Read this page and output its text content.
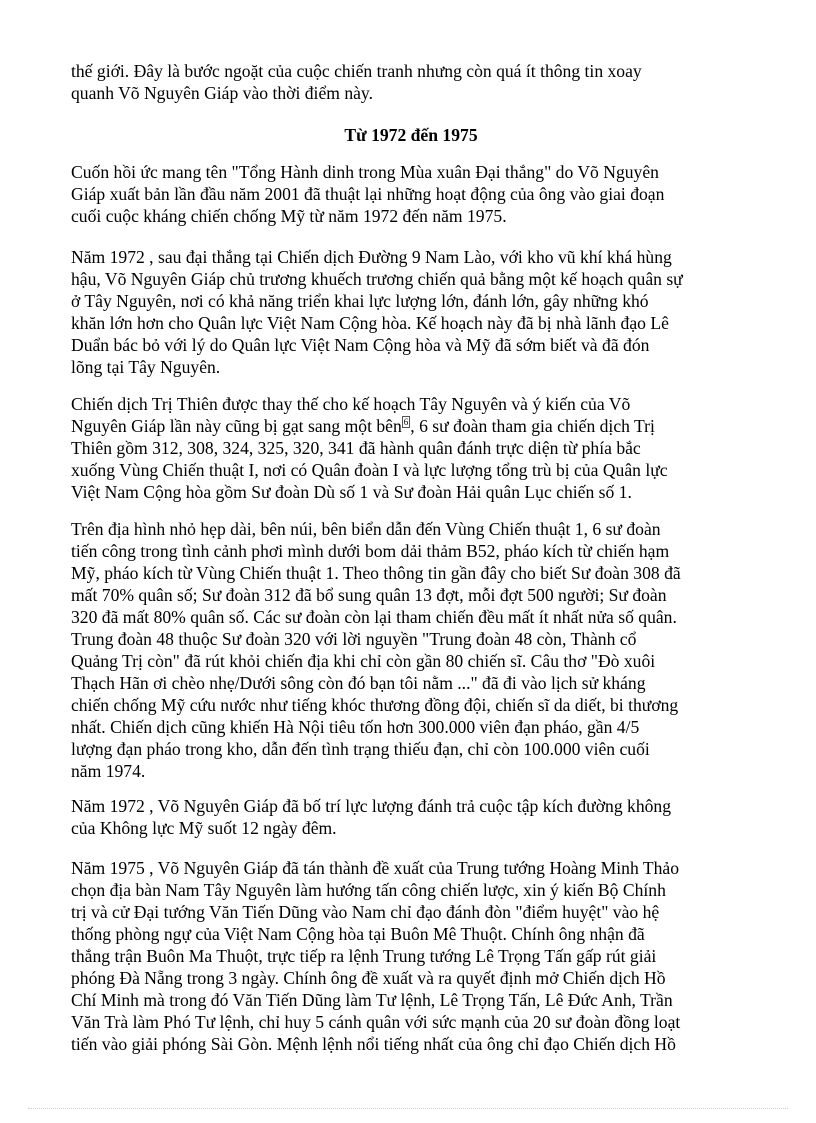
thế giới. Đây là bước ngoặt của cuộc chiến tranh nhưng còn quá ít thông tin xoay
quanh Võ Nguyên Giáp vào thời điểm này.

Từ 1972 đến 1975

Cuốn hồi ức mang tên "Tổng Hành dinh trong Mùa xuân Đại thắng" do Võ Nguyên
Giáp xuất bản lần đầu năm 2001 đã thuật lại những hoạt động của ông vào giai đoạn
cuối cuộc kháng chiến chống Mỹ từ năm 1972 đến năm 1975.

Năm 1972 , sau đại thắng tại Chiến dịch Đường 9 Nam Lào, với kho vũ khí khá hùng
hậu, Võ Nguyên Giáp chủ trương khuếch trương chiến quả bằng một kế hoạch quân sự
ở Tây Nguyên, nơi có khả năng triển khai lực lượng lớn, đánh lớn, gây những khó
khăn lớn hơn cho Quân lực Việt Nam Cộng hòa. Kế hoạch này đã bị nhà lãnh đạo Lê
Duẩn bác bỏ với lý do Quân lực Việt Nam Cộng hòa và Mỹ đã sớm biết và đã đón
lõng tại Tây Nguyên.

Chiến dịch Trị Thiên được thay thế cho kế hoạch Tây Nguyên và ý kiến của Võ
Nguyên Giáp lần này cũng bị gạt sang một bên $^6$ , 6 sư đoàn tham gia chiến dịch Trị
Thiên gồm 312, 308, 324, 325, 320, 341 đã hành quân đánh trực diện từ phía bắc
xuống Vùng Chiến thuật I, nơi có Quân đoàn I và lực lượng tổng trù bị của Quân lực
Việt Nam Cộng hòa gồm Sư đoàn Dù số 1 và Sư đoàn Hải quân Lục chiến số 1.

Trên địa hình nhỏ hẹp dài, bên núi, bên biển dẫn đến Vùng Chiến thuật 1, 6 sư đoàn
tiến công trong tình cảnh phơi mình dưới bom dải thảm B52, pháo kích từ chiến hạm
Mỹ, pháo kích từ Vùng Chiến thuật 1. Theo thông tin gần đây cho biết Sư đoàn 308 đã
mất 70% quân số; Sư đoàn 312 đã bổ sung quân 13 đợt, mỗi đợt 500 người; Sư đoàn
320 đã mất 80% quân số. Các sư đoàn còn lại tham chiến đều mất ít nhất nửa số quân.
Trung đoàn 48 thuộc Sư đoàn 320 với lời nguyền "Trung đoàn 48 còn, Thành cổ
Quảng Trị còn" đã rút khỏi chiến địa khi chỉ còn gần 80 chiến sĩ. Câu thơ "Đò xuôi
Thạch Hãn ơi chèo nhẹ/Dưới sông còn đó bạn tôi nằm ..." đã đi vào lịch sử kháng
chiến chống Mỹ cứu nước như tiếng khóc thương đồng đội, chiến sĩ da diết, bi thương
nhất. Chiến dịch cũng khiến Hà Nội tiêu tốn hơn 300.000 viên đạn pháo, gần 4/5
lượng đạn pháo trong kho, dẫn đến tình trạng thiếu đạn, chỉ còn 100.000 viên cuối
năm 1974.

Năm 1972 , Võ Nguyên Giáp đã bố trí lực lượng đánh trả cuộc tập kích đường không
của Không lực Mỹ suốt 12 ngày đêm.

Năm 1975 , Võ Nguyên Giáp đã tán thành đề xuất của Trung tướng Hoàng Minh Thảo
chọn địa bàn Nam Tây Nguyên làm hướng tấn công chiến lược, xin ý kiến Bộ Chính
trị và cử Đại tướng Văn Tiến Dũng vào Nam chỉ đạo đánh đòn "điểm huyệt" vào hệ
thống phòng ngự của Việt Nam Cộng hòa tại Buôn Mê Thuột. Chính ông nhận đã
thắng trận Buôn Ma Thuột, trực tiếp ra lệnh Trung tướng Lê Trọng Tấn gấp rút giải
phóng Đà Nẵng trong 3 ngày. Chính ông đề xuất và ra quyết định mở Chiến dịch Hồ
Chí Minh mà trong đó Văn Tiến Dũng làm Tư lệnh, Lê Trọng Tấn, Lê Đức Anh, Trần
Văn Trà làm Phó Tư lệnh, chỉ huy 5 cánh quân với sức mạnh của 20 sư đoàn đồng loạt
tiến vào giải phóng Sài Gòn. Mệnh lệnh nổi tiếng nhất của ông chỉ đạo Chiến dịch Hồ
